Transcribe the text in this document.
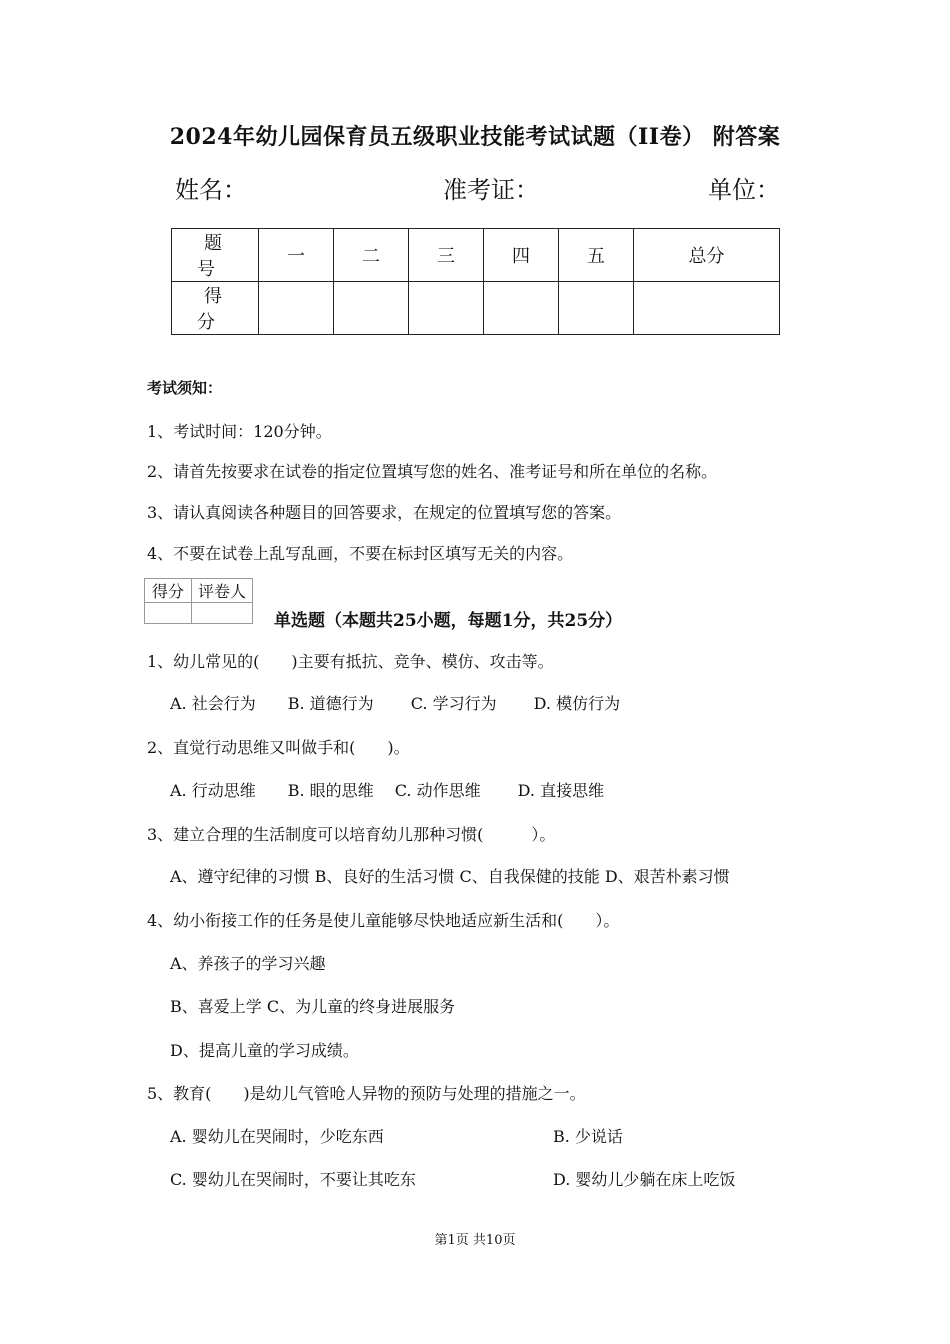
2024年幼儿园保育员五级职业技能考试试题（II卷） 附答案
姓名：	准考证：	单位：
题　号	一	二	三	四	五	总分
得　分						
考试须知：
1、考试时间：120分钟。
2、请首先按要求在试卷的指定位置填写您的姓名、准考证号和所在单位的名称。
3、请认真阅读各种题目的回答要求，在规定的位置填写您的答案。
4、不要在试卷上乱写乱画，不要在标封区填写无关的内容。
得分	评卷人

单选题（本题共25小题，每题1分，共25分）
1、幼儿常见的(　　)主要有抵抗、竞争、模仿、攻击等。
A. 社会行为　　B. 道德行为　　 C. 学习行为　　 D. 模仿行为
2、直觉行动思维又叫做手和(　　)。
A. 行动思维　　B. 眼的思维　 C. 动作思维　　 D. 直接思维
3、建立合理的生活制度可以培育幼儿那种习惯(　　　）。
A、遵守纪律的习惯 B、良好的生活习惯 C、自我保健的技能 D、艰苦朴素习惯
4、幼小衔接工作的任务是使儿童能够尽快地适应新生活和(　　）。
A、养孩子的学习兴趣
B、喜爱上学 C、为儿童的终身进展服务
D、提高儿童的学习成绩。
5、教育(　　)是幼儿气管呛人异物的预防与处理的措施之一。
A. 婴幼儿在哭闹时，少吃东西	B. 少说话
C. 婴幼儿在哭闹时，不要让其吃东	D. 婴幼儿少躺在床上吃饭
第1页 共10页
